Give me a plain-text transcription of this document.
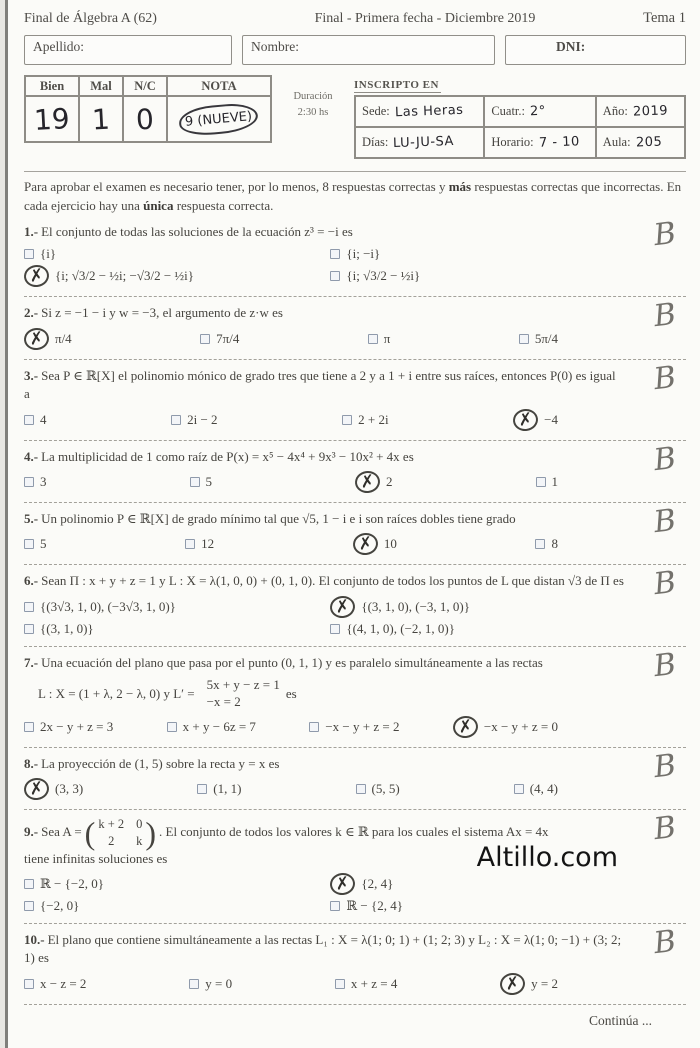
Final de Álgebra A (62)	Final - Primera fecha - Diciembre 2019	Tema 1
Apellido:	Nombre:	DNI:
Bien	Mal	N/C	NOTA
19 1 0	9 (NUEVE)
Duración
2:30 hs
INSCRIPTO EN
Sede: Las Heras Cuatr.: 2°	Año: 2019
Días: LU-JU-SA	Horario: 7 - 10 Aula: 205

Para aprobar el examen es necesario tener, por lo menos, 8 respuestas correctas y más respuestas correctas que incorrectas. En cada ejercicio hay una única respuesta correcta.

B

1.- El conjunto de todas las soluciones de la ecuación z³ = −i es

{i}	{i; −i}
✗
{i; √3/2 − ½i; −√3/2 − ½i}	{i; √3/2 − ½i}
B

2.- Si z = −1 − i y w = −3, el argumento de z·w es

✗
π/4	7π/4	π	5π/4
B

3.- Sea P ∈ ℝ[X] el polinomio mónico de grado tres que tiene a 2 y a 1 + i entre sus raíces, entonces P(0) es igual a

4	2i − 2	2 + 2i ✗	−4
B

4.- La multiplicidad de 1 como raíz de P(x) = x⁵ − 4x⁴ + 9x³ − 10x² + 4x es

3	5 ✗	2	1
B

5.- Un polinomio P ∈ ℝ[X] de grado mínimo tal que √5, 1 − i e i son raíces dobles tiene grado

5	12 ✗	10	8
B

6.- Sean Π : x + y + z = 1 y L : X = λ(1, 0, 0) + (0, 1, 0). El conjunto de todos los puntos de L que distan √3 de Π es

{(3√3, 1, 0), (−3√3, 1, 0)} ✗	{(3, 1, 0), (−3, 1, 0)}
{(3, 1, 0)}	{(4, 1, 0), (−2, 1, 0)}
B

7.- Una ecuación del plano que pasa por el punto (0, 1, 1) y es paralelo simultáneamente a las rectas

L : X = (1 + λ, 2 − λ, 0) y L′ =
5x + y − z = 1
−x = 2
es
2x − y + z = 3	x + y − 6z = 7	−x − y + z = 2 ✗	−x − y + z = 0
B

8.- La proyección de (1, 5) sobre la recta y = x es

✗
(3, 3)	(1, 1)	(5, 5)	(4, 4)
B
Altillo.com

9.- Sea A = ( k + 2 0
2	k ) . El conjunto de todos los valores k ∈ ℝ para los cuales el sistema Ax = 4x
tiene infinitas soluciones es

ℝ − {−2, 0} ✗	{2, 4}
{−2, 0}	ℝ − {2, 4}
B

10.- El plano que contiene simultáneamente a las rectas L₁ : X = λ(1; 0; 1) + (1; 2; 3) y L₂ : X = λ(1; 0; −1) + (3; 2; 1) es

x − z = 2	y = 0	x + z = 4 ✗	y = 2
Continúa ...
